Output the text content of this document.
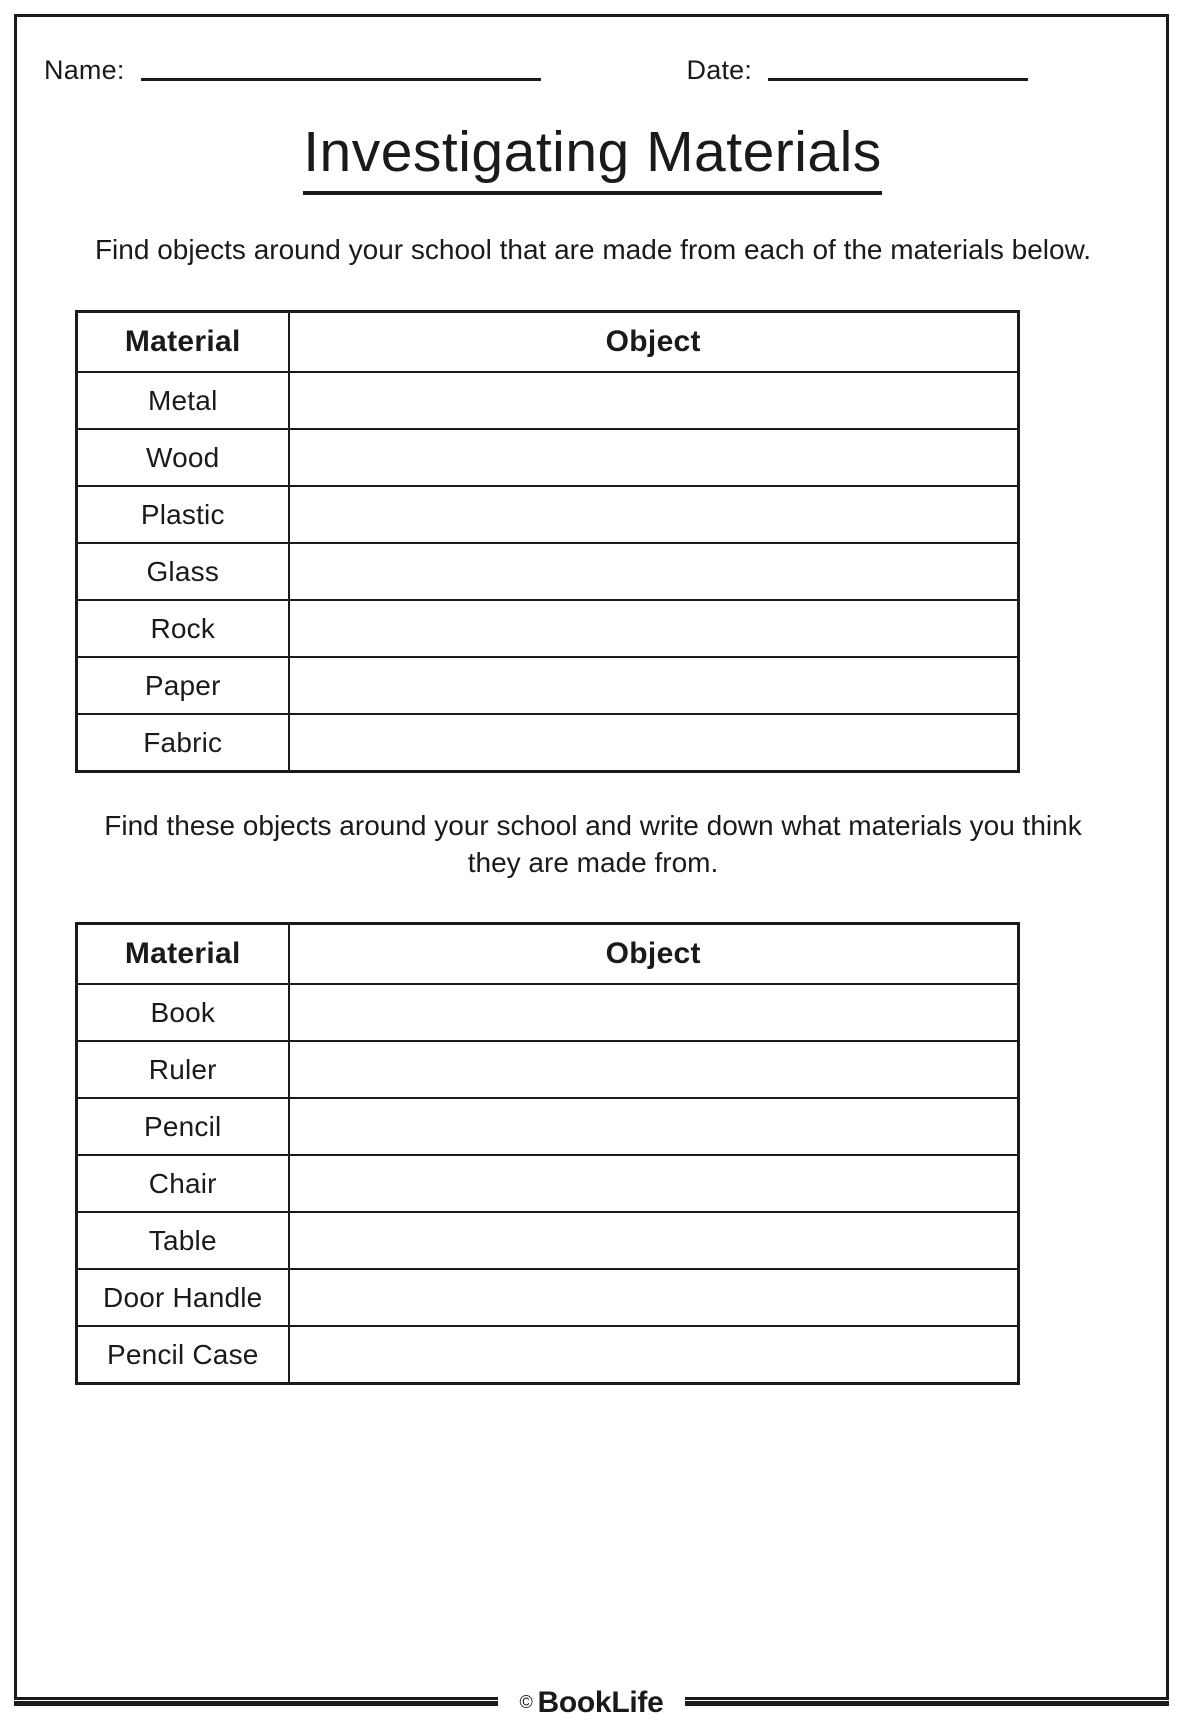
Name:	Date:
Investigating Materials
Find objects around your school that are made from each of the materials below.
Material	Object
Metal	
Wood	
Plastic	
Glass	
Rock	
Paper	
Fabric	
Find these objects around your school and write down what materials you think they are made from.
Material	Object
Book	
Ruler	
Pencil	
Chair	
Table	
Door Handle	
Pencil Case	
© BookLife
